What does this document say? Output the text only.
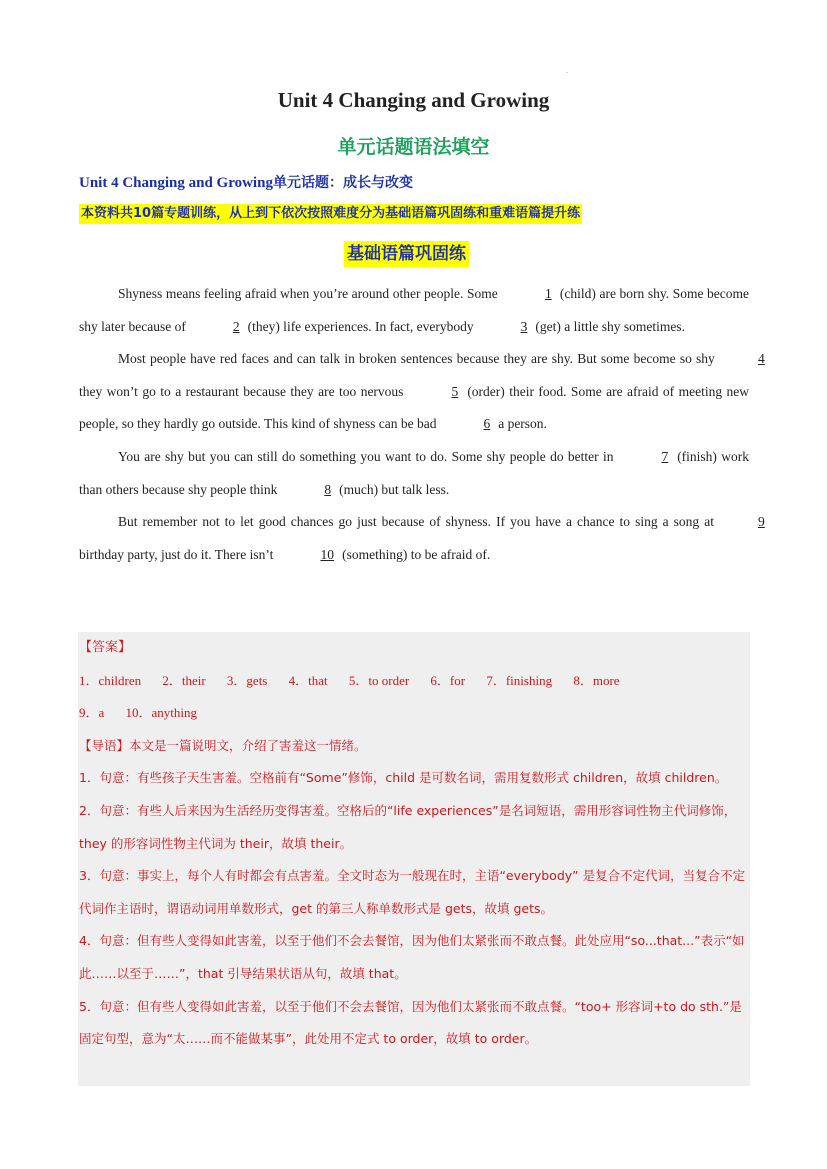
.
Unit 4 Changing and Growing
单元话题语法填空
Unit 4 Changing and Growing单元话题：成长与改变
本资料共10篇专题训练，从上到下依次按照难度分为基础语篇巩固练和重难语篇提升练
基础语篇巩固练

Shyness means feeling afraid when you’re around other people. Some	1 (child) are born shy. Some become shy later because of	2 (they) life experiences. In fact, everybody	3 (get) a little shy sometimes.

Most people have red faces and can talk in broken sentences because they are shy. But some become so shy	4 they won’t go to a restaurant because they are too nervous	5 (order) their food. Some are afraid of meeting new people, so they hardly go outside. This kind of shyness can be bad	6 a person.

You are shy but you can still do something you want to do. Some shy people do better in	7 (finish) work than others because shy people think	8 (much) but talk less.

But remember not to let good chances go just because of shyness. If you have a chance to sing a song at	9 birthday party, just do it. There isn’t	10 (something) to be afraid of.

【答案】
1．children 2．their 3．gets 4．that 5．to order 6．for 7．finishing 8．more
9．a 10．anything
【导语】本文是一篇说明文，介绍了害羞这一情绪。
1．句意：有些孩子天生害羞。空格前有“Some”修饰，child 是可数名词，需用复数形式 children，故填 children。
2．句意：有些人后来因为生活经历变得害羞。空格后的“life experiences”是名词短语，需用形容词性物主代词修饰，they 的形容词性物主代词为 their，故填 their。
3．句意：事实上，每个人有时都会有点害羞。全文时态为一般现在时，主语“everybody” 是复合不定代词，当复合不定代词作主语时，谓语动词用单数形式，get 的第三人称单数形式是 gets，故填 gets。
4．句意：但有些人变得如此害羞，以至于他们不会去餐馆，因为他们太紧张而不敢点餐。此处应用“so...that...”表示“如此……以至于……”，that 引导结果状语从句，故填 that。
5．句意：但有些人变得如此害羞，以至于他们不会去餐馆，因为他们太紧张而不敢点餐。“too+ 形容词+to do sth.”是固定句型，意为“太……而不能做某事”，此处用不定式 to order，故填 to order。
